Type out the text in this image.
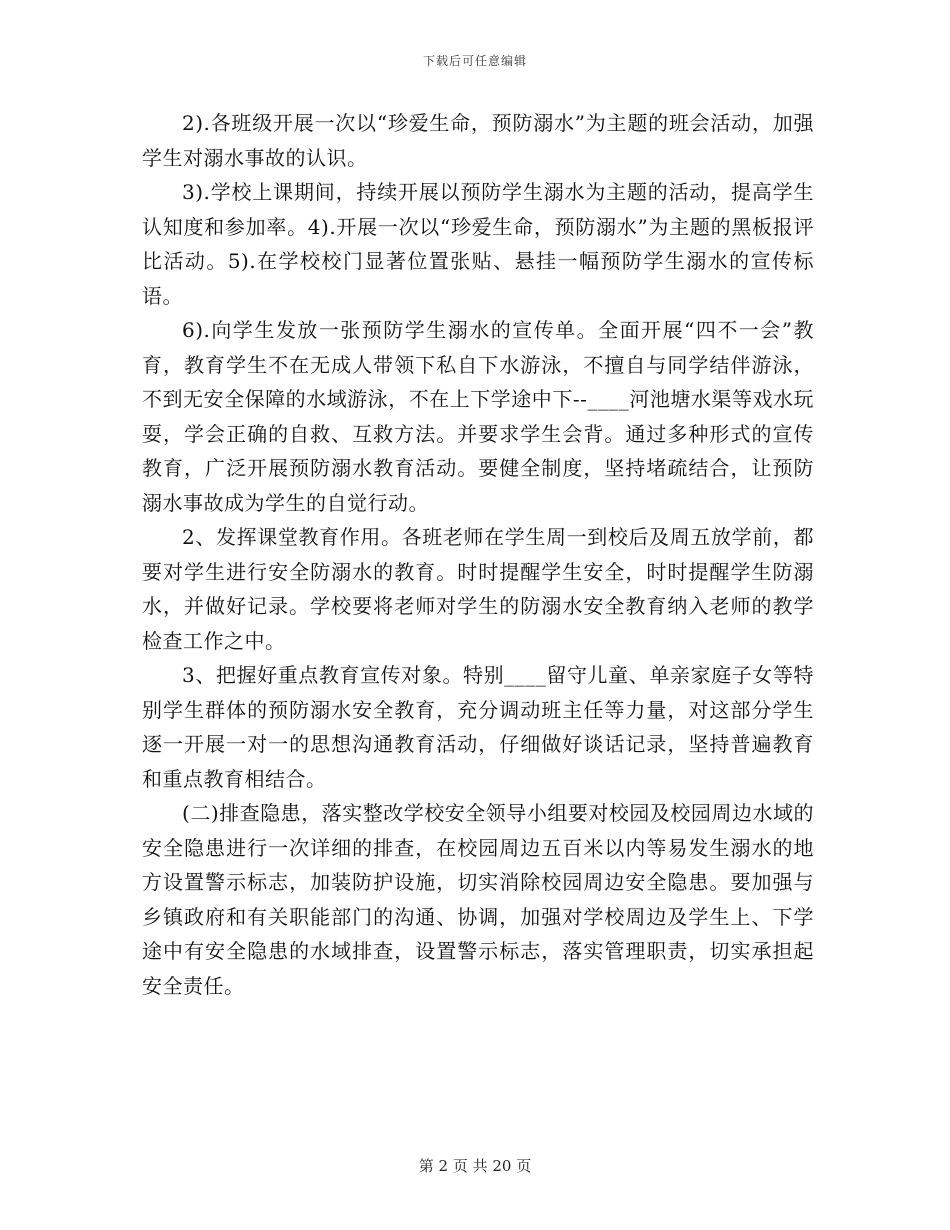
下载后可任意编辑

2).各班级开展一次以“珍爱生命，预防溺水”为主题的班会活动，加强学生对溺水事故的认识。

3).学校上课期间，持续开展以预防学生溺水为主题的活动，提高学生认知度和参加率。4).开展一次以“珍爱生命，预防溺水”为主题的黑板报评比活动。5).在学校校门显著位置张贴、悬挂一幅预防学生溺水的宣传标语。

6).向学生发放一张预防学生溺水的宣传单。全面开展“四不一会”教育，教育学生不在无成人带领下私自下水游泳，不擅自与同学结伴游泳，不到无安全保障的水域游泳，不在上下学途中下--____河池塘水渠等戏水玩耍，学会正确的自救、互救方法。并要求学生会背。通过多种形式的宣传教育，广泛开展预防溺水教育活动。要健全制度，坚持堵疏结合，让预防溺水事故成为学生的自觉行动。

2、发挥课堂教育作用。各班老师在学生周一到校后及周五放学前，都要对学生进行安全防溺水的教育。时时提醒学生安全，时时提醒学生防溺水，并做好记录。学校要将老师对学生的防溺水安全教育纳入老师的教学检查工作之中。

3、把握好重点教育宣传对象。特别____留守儿童、单亲家庭子女等特别学生群体的预防溺水安全教育，充分调动班主任等力量，对这部分学生逐一开展一对一的思想沟通教育活动，仔细做好谈话记录，坚持普遍教育和重点教育相结合。

(二)排查隐患，落实整改学校安全领导小组要对校园及校园周边水域的安全隐患进行一次详细的排查，在校园周边五百米以内等易发生溺水的地方设置警示标志，加装防护设施，切实消除校园周边安全隐患。要加强与乡镇政府和有关职能部门的沟通、协调，加强对学校周边及学生上、下学途中有安全隐患的水域排查，设置警示标志，落实管理职责，切实承担起安全责任。

第 2 页 共 20 页
